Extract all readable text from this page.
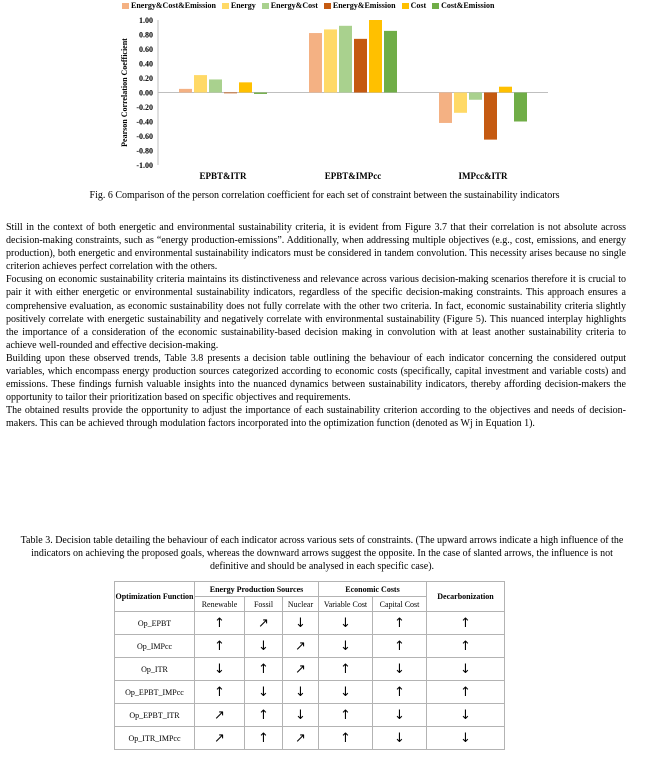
Energy&Cost&Emission Energy Energy&Cost Energy&Emission Cost Cost&Emission
1.00
0.80
0.60
0.40
0.20
0.00
-0.20
-0.40
-0.60
-0.80
-1.00
Pearson Correlation Coefficient
EPBT&ITR	EPBT&IMPcc	IMPcc&ITR
Fig. 6 Comparison of the person correlation coefficient for each set of constraint between the sustainability indicators

Still in the context of both energetic and environmental sustainability criteria, it is evident from Figure 3.7 that their correlation is not absolute across decision-making constraints, such as “energy production-emissions”. Additionally, when addressing multiple objectives (e.g., cost, emissions, and energy production), both energetic and environmental sustainability indicators must be considered in tandem convolution. This necessity arises because no single criterion achieves perfect correlation with the others.

Focusing on economic sustainability criteria maintains its distinctiveness and relevance across various decision-making scenarios therefore it is crucial to pair it with either energetic or environmental sustainability indicators, regardless of the specific decision-making constraints. This approach ensures a comprehensive evaluation, as economic sustainability does not fully correlate with the other two criteria. In fact, economic sustainability criteria slightly positively correlate with energetic sustainability and negatively correlate with environmental sustainability (Figure 5). This nuanced interplay highlights the importance of a consideration of the economic sustainability-based decision making in convolution with at least another sustainability criteria to achieve well-rounded and effective decision-making.

Building upon these observed trends, Table 3.8 presents a decision table outlining the behaviour of each indicator concerning the considered output variables, which encompass energy production sources categorized according to economic costs (specifically, capital investment and variable costs) and emissions. These findings furnish valuable insights into the nuanced dynamics between sustainability indicators, thereby affording decision-makers the opportunity to tailor their prioritization based on specific objectives and requirements.

The obtained results provide the opportunity to adjust the importance of each sustainability criterion according to the objectives and needs of decision-makers. This can be achieved through modulation factors incorporated into the optimization function (denoted as Wj in Equation 1).

Table 3. Decision table detailing the behaviour of each indicator across various sets of constraints. (The upward arrows indicate a high influence of the indicators on achieving the proposed goals, whereas the downward arrows suggest the opposite. In the case of slanted arrows, the influence is not definitive and should be analysed in each specific case).
Optimization Function	Energy Production Sources			Economic Costs		Decarbonization
	Renewable	Fossil	Nuclear	Variable Cost	Capital Cost	
Op_EPBT	↑	↗	↓	↓	↑	↑
Op_IMPcc	↑	↓	↗	↓	↑	↑
Op_ITR	↓	↑	↗	↑	↓	↓
Op_EPBT_IMPcc	↑	↓	↓	↓	↑	↑
Op_EPBT_ITR	↗	↑	↓	↑	↓	↓
Op_ITR_IMPcc	↗	↑	↗	↑	↓	↓
